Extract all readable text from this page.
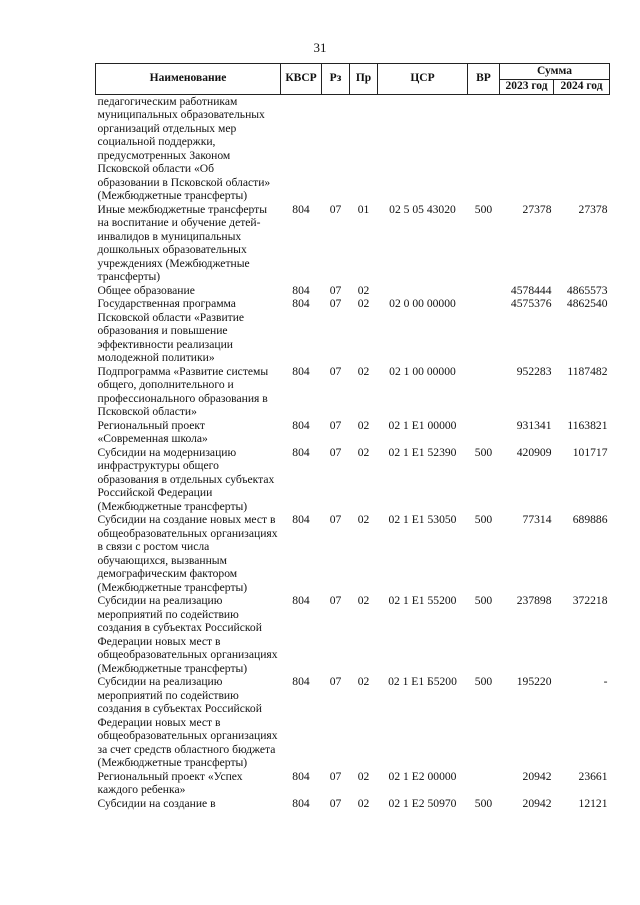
31
Наименование	КВСР	Рз	Пр	ЦСР	ВР	Сумма	
						2023 год	2024 год
педагогическим работникам муниципальных образовательных организаций отдельных мер социальной поддержки, предусмотренных Законом Псковской области «Об образовании в Псковской области» (Межбюджетные трансферты)							
Иные межбюджетные трансферты на воспитание и обучение детей-инвалидов в муниципальных дошкольных образовательных учреждениях (Межбюджетные трансферты)	804	07	01	02 5 05 43020	500	27378	27378
Общее образование	804	07	02			4578444	4865573
Государственная программа Псковской области «Развитие образования и повышение эффективности реализации молодежной политики»	804	07	02	02 0 00 00000		4575376	4862540
Подпрограмма «Развитие системы общего, дополнительного и профессионального образования в Псковской области»	804	07	02	02 1 00 00000		952283	1187482
Региональный проект «Современная школа»	804	07	02	02 1 E1 00000		931341	1163821
Субсидии на модернизацию инфраструктуры общего образования в отдельных субъектах Российской Федерации (Межбюджетные трансферты)	804	07	02	02 1 E1 52390	500	420909	101717
Субсидии на создание новых мест в общеобразовательных организациях в связи с ростом числа обучающихся, вызванным демографическим фактором (Межбюджетные трансферты)	804	07	02	02 1 E1 53050	500	77314	689886
Субсидии на реализацию мероприятий по содействию создания в субъектах Российской Федерации новых мест в общеобразовательных организациях (Межбюджетные трансферты)	804	07	02	02 1 E1 55200	500	237898	372218
Субсидии на реализацию мероприятий по содействию создания в субъектах Российской Федерации новых мест в общеобразовательных организациях за счет средств областного бюджета (Межбюджетные трансферты)	804	07	02	02 1 E1 Б5200	500	195220	-
Региональный проект «Успех каждого ребенка»	804	07	02	02 1 E2 00000		20942	23661
Субсидии на создание в	804	07	02	02 1 E2 50970	500	20942	12121
